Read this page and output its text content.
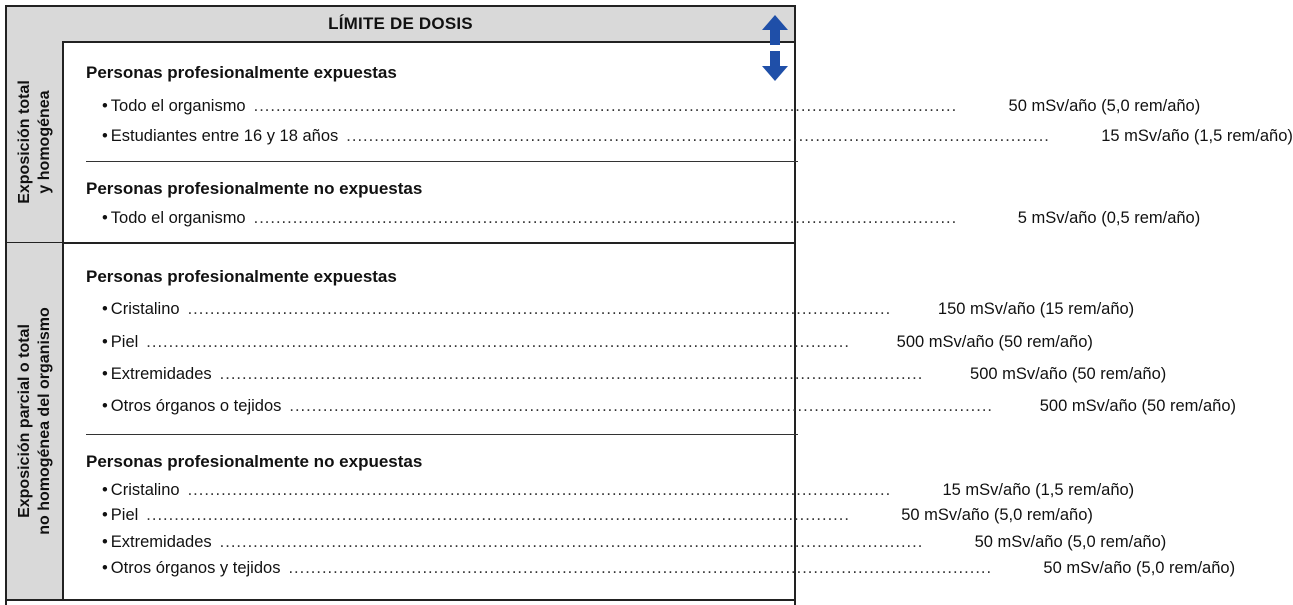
LÍMITE DE DOSIS
Exposición total y homogénea
Personas profesionalmente expuestas
• Todo el organismo ..............................................................................................................................	50 mSv/año (5,0 rem/año)
• Estudiantes entre 16 y 18 años ..............................................................................................................................	15 mSv/año (1,5 rem/año)
Personas profesionalmente no expuestas
• Todo el organismo ..............................................................................................................................	5 mSv/año (0,5 rem/año)
Exposición parcial o total no homogénea del organismo
Personas profesionalmente expuestas
• Cristalino ..............................................................................................................................	150 mSv/año (15 rem/año)
• Piel ..............................................................................................................................	500 mSv/año (50 rem/año)
• Extremidades ..............................................................................................................................	500 mSv/año (50 rem/año)
• Otros órganos o tejidos ..............................................................................................................................	500 mSv/año (50 rem/año)
Personas profesionalmente no expuestas
• Cristalino ..............................................................................................................................	15 mSv/año (1,5 rem/año)
• Piel ..............................................................................................................................	50 mSv/año (5,0 rem/año)
• Extremidades ..............................................................................................................................	50 mSv/año (5,0 rem/año)
• Otros órganos y tejidos ..............................................................................................................................	50 mSv/año (5,0 rem/año)
